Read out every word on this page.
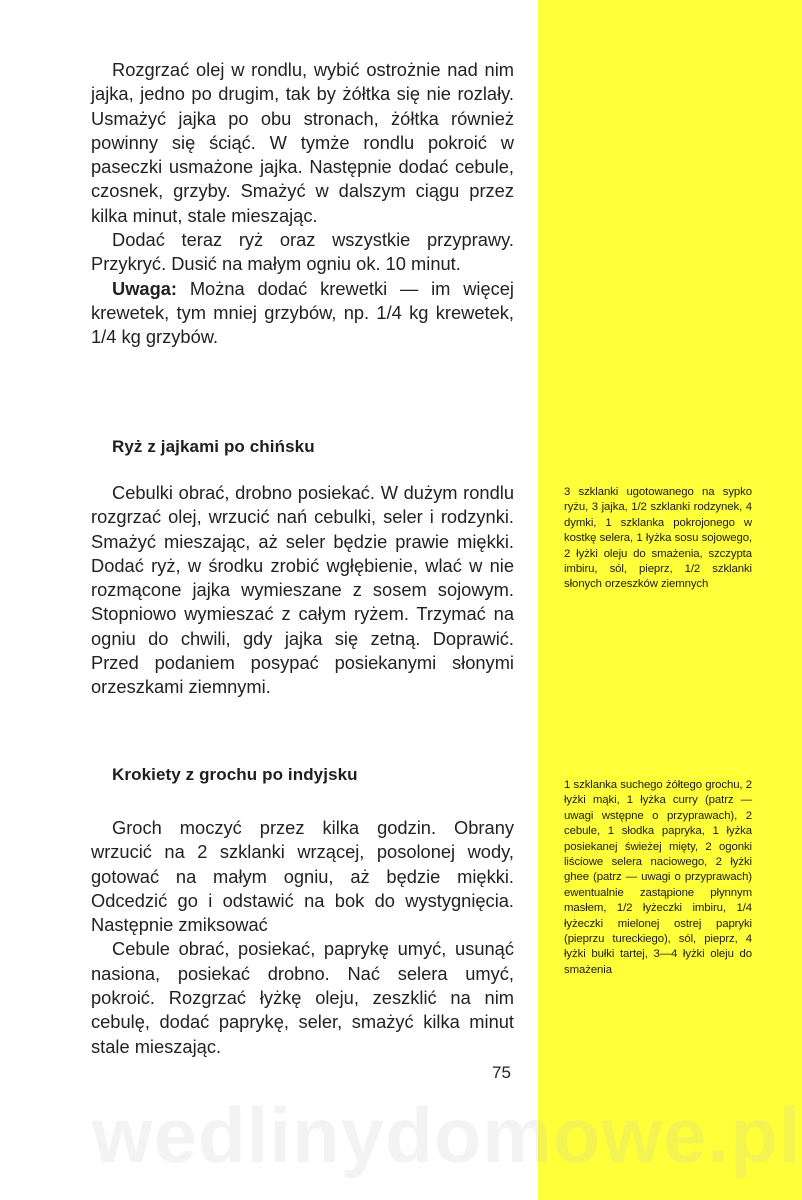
Rozgrzać olej w rondlu, wybić ostrożnie nad nim jajka, jedno po drugim, tak by żółtka się nie rozlały. Usmażyć jajka po obu stronach, żółtka również powinny się ściąć. W tymże rondlu pokroić w paseczki usmażone jajka. Następnie dodać cebule, czosnek, grzyby. Smażyć w dalszym ciągu przez kilka minut, stale mieszając.

Dodać teraz ryż oraz wszystkie przyprawy. Przykryć. Dusić na małym ogniu ok. 10 minut.

Uwaga: Można dodać krewetki — im więcej krewetek, tym mniej grzybów, np. 1/4 kg krewetek, 1/4 kg grzybów.

Ryż z jajkami po chińsku

Cebulki obrać, drobno posiekać. W dużym rondlu rozgrzać olej, wrzucić nań cebulki, seler i rodzynki. Smażyć mieszając, aż seler będzie prawie miękki. Dodać ryż, w środku zrobić wgłębienie, wlać w nie rozmącone jajka wymieszane z sosem sojowym. Stopniowo wymieszać z całym ryżem. Trzymać na ogniu do chwili, gdy jajka się zetną. Doprawić. Przed podaniem posypać posiekanymi słonymi orzeszkami ziemnymi.

3 szklanki ugotowanego na sypko ryżu, 3 jajka, 1/2 szklanki rodzynek, 4 dymki, 1 szklanka pokrojonego w kostkę selera, 1 łyżka sosu sojowego, 2 łyżki oleju do smażenia, szczypta imbiru, sól, pieprz, 1/2 szklanki słonych orzeszków ziemnych

Krokiety z grochu po indyjsku

Groch moczyć przez kilka godzin. Obrany wrzucić na 2 szklanki wrzącej, posolonej wody, gotować na małym ogniu, aż będzie miękki. Odcedzić go i odstawić na bok do wystygnięcia. Następnie zmiksować

Cebule obrać, posiekać, paprykę umyć, usunąć nasiona, posiekać drobno. Nać selera umyć, pokroić. Rozgrzać łyżkę oleju, zeszklić na nim cebulę, dodać paprykę, seler, smażyć kilka minut stale mieszając.

1 szklanka suchego żółtego grochu, 2 łyżki mąki, 1 łyżka curry (patrz — uwagi wstępne o przyprawach), 2 cebule, 1 słodka papryka, 1 łyżka posiekanej świeżej mięty, 2 ogonki liściowe selera naciowego, 2 łyżki ghee (patrz — uwagi o przyprawach) ewentualnie zastąpione płynnym masłem, 1/2 łyżeczki imbiru, 1/4 łyżeczki mielonej ostrej papryki (pieprzu tureckiego), sól, pieprz, 4 łyżki bułki tartej, 3—4 łyżki oleju do smażenia

75
wedlinydomowe.pl
